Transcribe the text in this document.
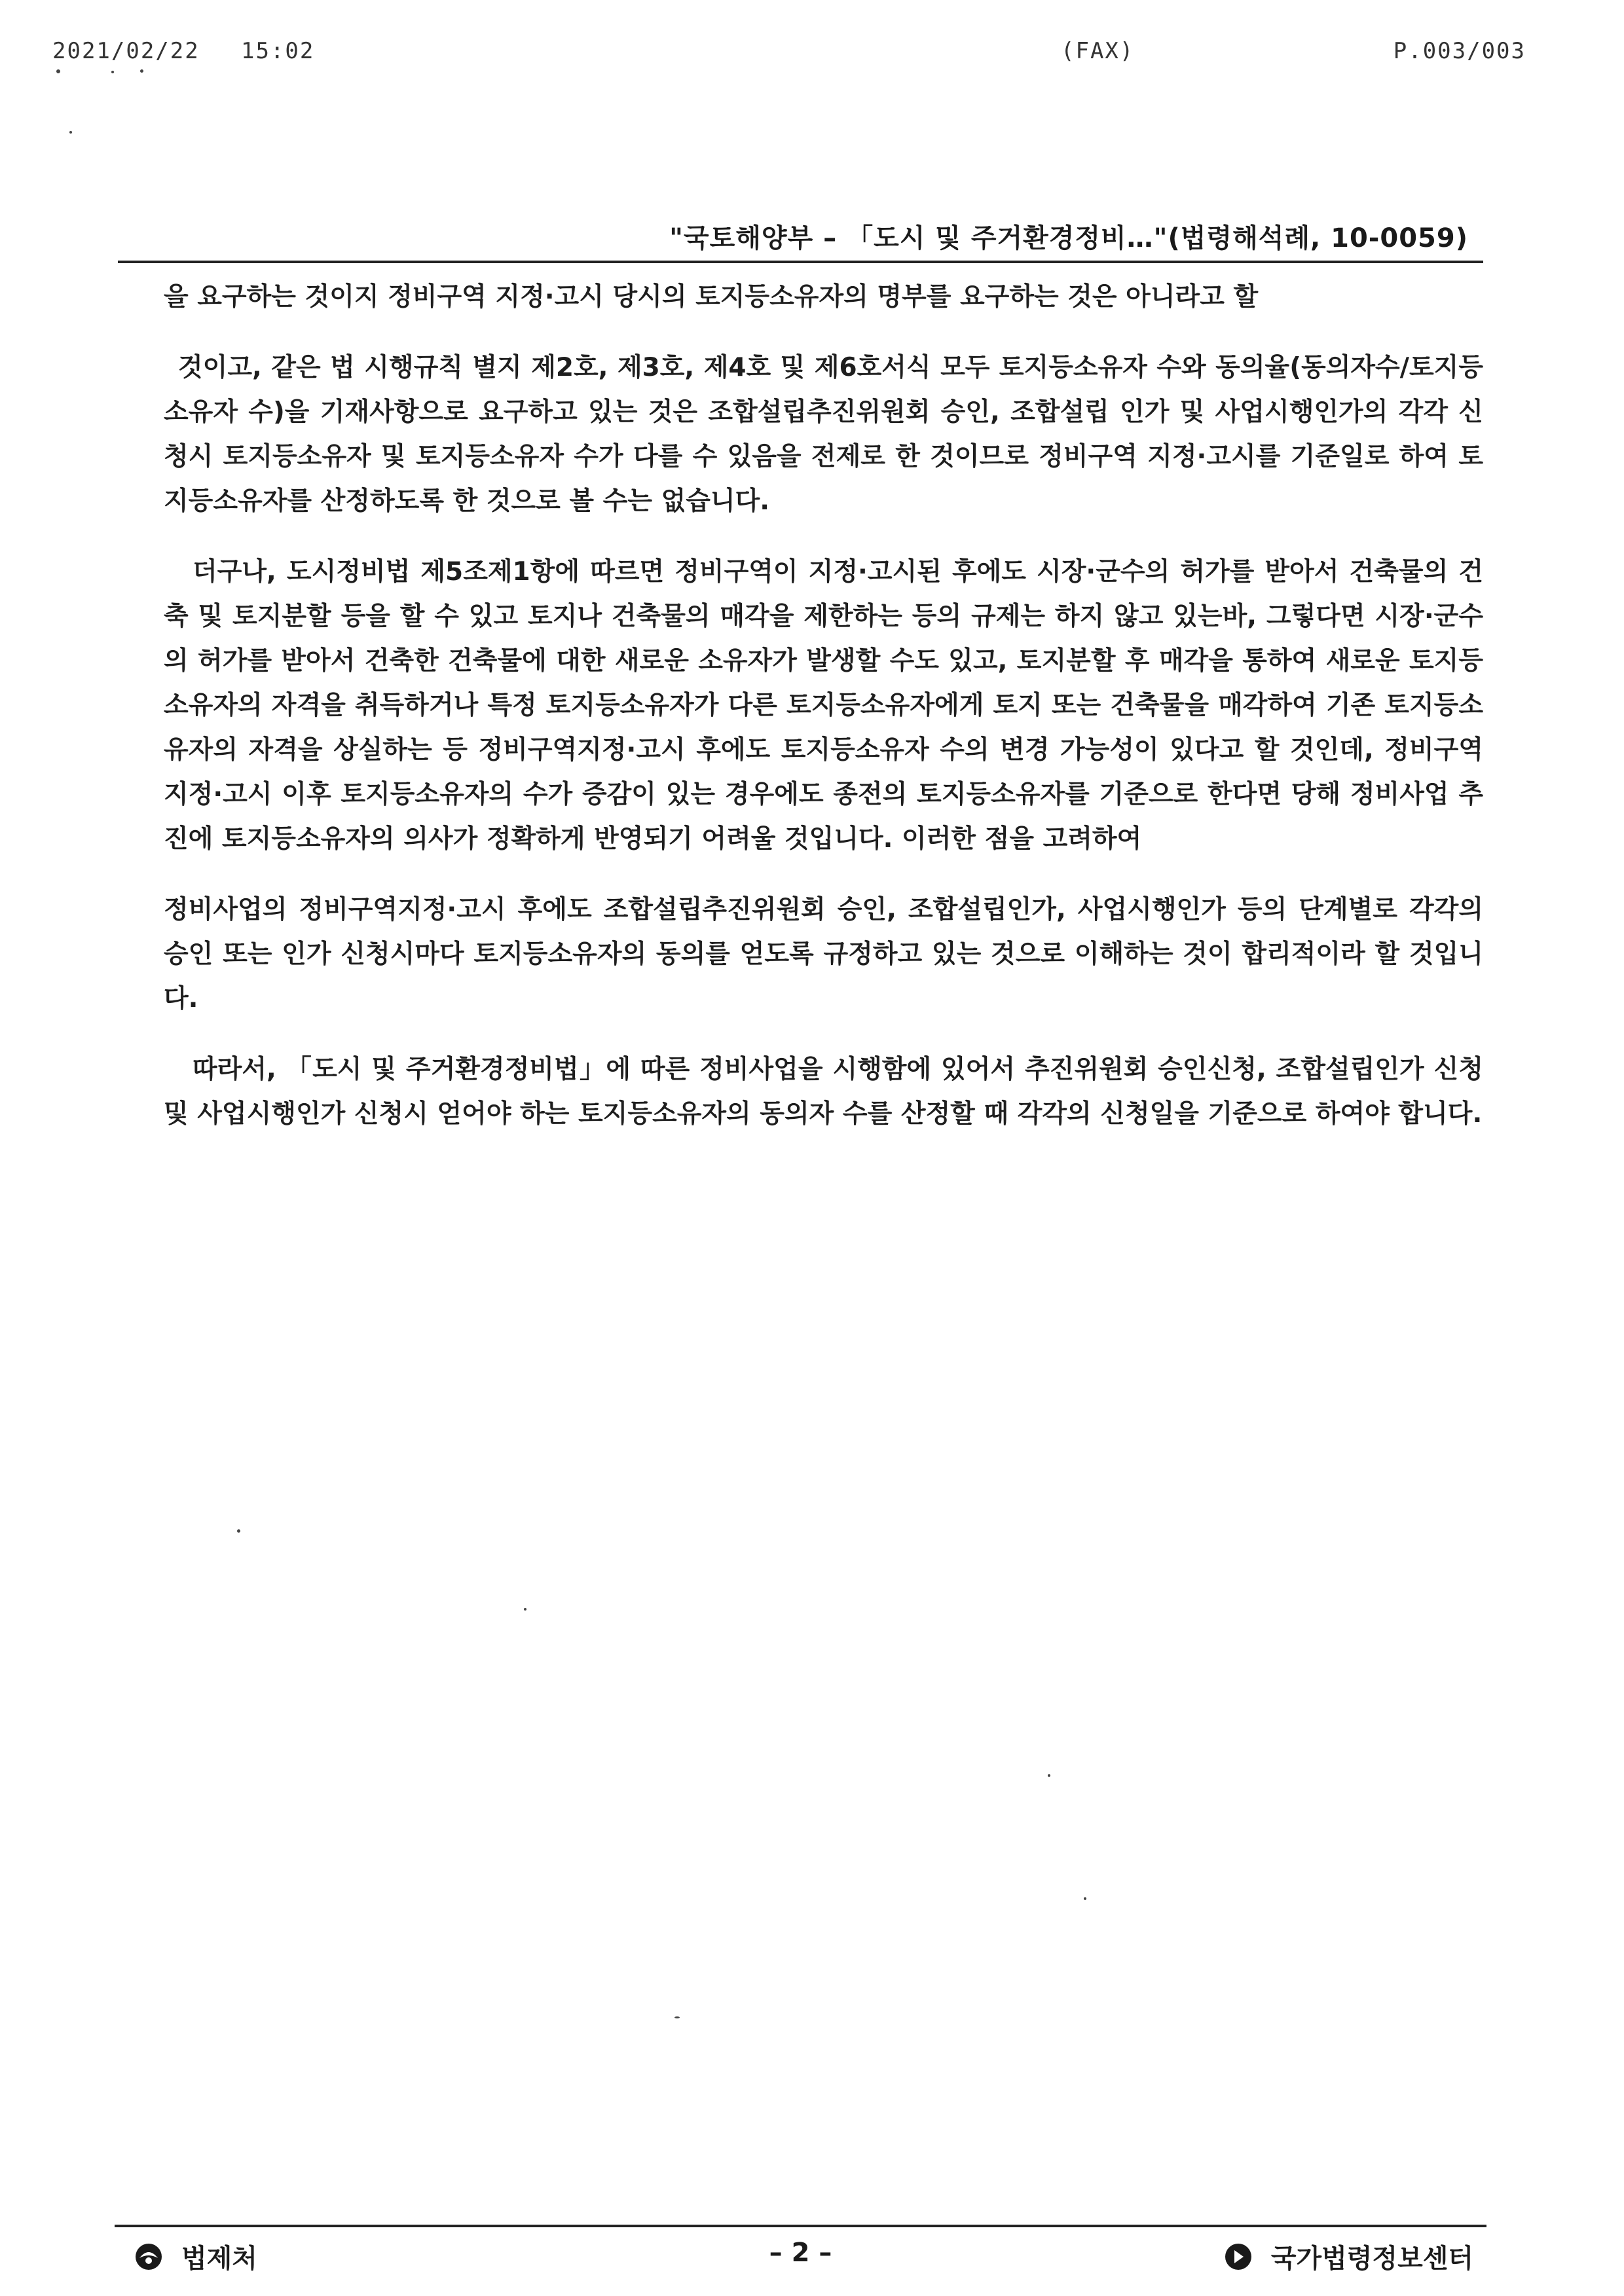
2021/02/22 15:02	(FAX)	P.003/003
"국토해양부 – 「도시 및 주거환경정비…"(법령해석례, 10-0059)

을 요구하는 것이지 정비구역 지정·고시 당시의 토지등소유자의 명부를 요구하는 것은 아니라고 할

것이고, 같은 법 시행규칙 별지 제2호, 제3호, 제4호 및 제6호서식 모두 토지등소유자 수와 동의율(동의자수/토지등소유자 수)을 기재사항으로 요구하고 있는 것은 조합설립추진위원회 승인, 조합설립 인가 및 사업시행인가의 각각 신청시 토지등소유자 및 토지등소유자 수가 다를 수 있음을 전제로 한 것이므로 정비구역 지정·고시를 기준일로 하여 토지등소유자를 산정하도록 한 것으로 볼 수는 없습니다.

더구나, 도시정비법 제5조제1항에 따르면 정비구역이 지정·고시된 후에도 시장·군수의 허가를 받아서 건축물의 건축 및 토지분할 등을 할 수 있고 토지나 건축물의 매각을 제한하는 등의 규제는 하지 않고 있는바, 그렇다면 시장·군수의 허가를 받아서 건축한 건축물에 대한 새로운 소유자가 발생할 수도 있고, 토지분할 후 매각을 통하여 새로운 토지등소유자의 자격을 취득하거나 특정 토지등소유자가 다른 토지등소유자에게 토지 또는 건축물을 매각하여 기존 토지등소유자의 자격을 상실하는 등 정비구역지정·고시 후에도 토지등소유자 수의 변경 가능성이 있다고 할 것인데, 정비구역 지정·고시 이후 토지등소유자의 수가 증감이 있는 경우에도 종전의 토지등소유자를 기준으로 한다면 당해 정비사업 추진에 토지등소유자의 의사가 정확하게 반영되기 어려울 것입니다. 이러한 점을 고려하여

정비사업의 정비구역지정·고시 후에도 조합설립추진위원회 승인, 조합설립인가, 사업시행인가 등의 단계별로 각각의 승인 또는 인가 신청시마다 토지등소유자의 동의를 얻도록 규정하고 있는 것으로 이해하는 것이 합리적이라 할 것입니다.

따라서, 「도시 및 주거환경정비법」에 따른 정비사업을 시행함에 있어서 추진위원회 승인신청, 조합설립인가 신청 및 사업시행인가 신청시 얻어야 하는 토지등소유자의 동의자 수를 산정할 때 각각의 신청일을 기준으로 하여야 합니다.

법제처	– 2 –	국가법령정보센터
